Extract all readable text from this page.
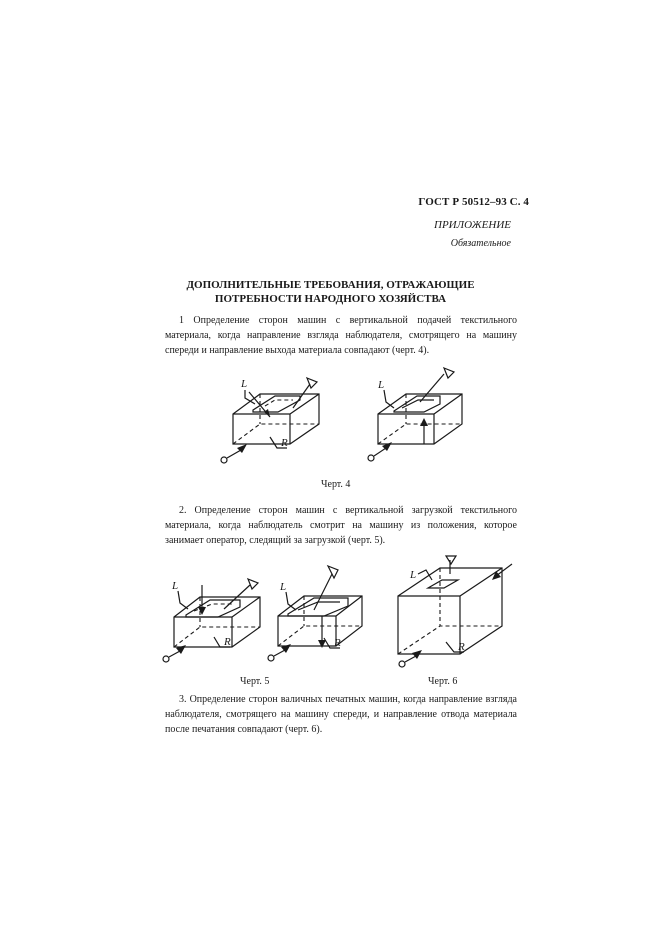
ГОСТ Р 50512–93 С. 4
ПРИЛОЖЕНИЕ
Обязательное
ДОПОЛНИТЕЛЬНЫЕ ТРЕБОВАНИЯ, ОТРАЖАЮЩИЕ
ПОТРЕБНОСТИ НАРОДНОГО ХОЗЯЙСТВА
1 Определение сторон машин с вертикальной подачей текстильного материала, когда направление взгляда наблюдателя, смотрящего на машину спереди и направление выхода материала совпадают (черт. 4).
L
R
L
Черт. 4
2. Определение сторон машин с вертикальной загрузкой текстильного материала, когда наблюдатель смотрит на машину из положения, которое занимает оператор, следящий за загрузкой (черт. 5).
L
R
L
R
Черт. 5
L
R
Черт. 6
3. Определение сторон валичных печатных машин, когда направление взгляда наблюдателя, смотрящего на машину спереди, и направление отвода материала после печатания совпадают (черт. 6).
